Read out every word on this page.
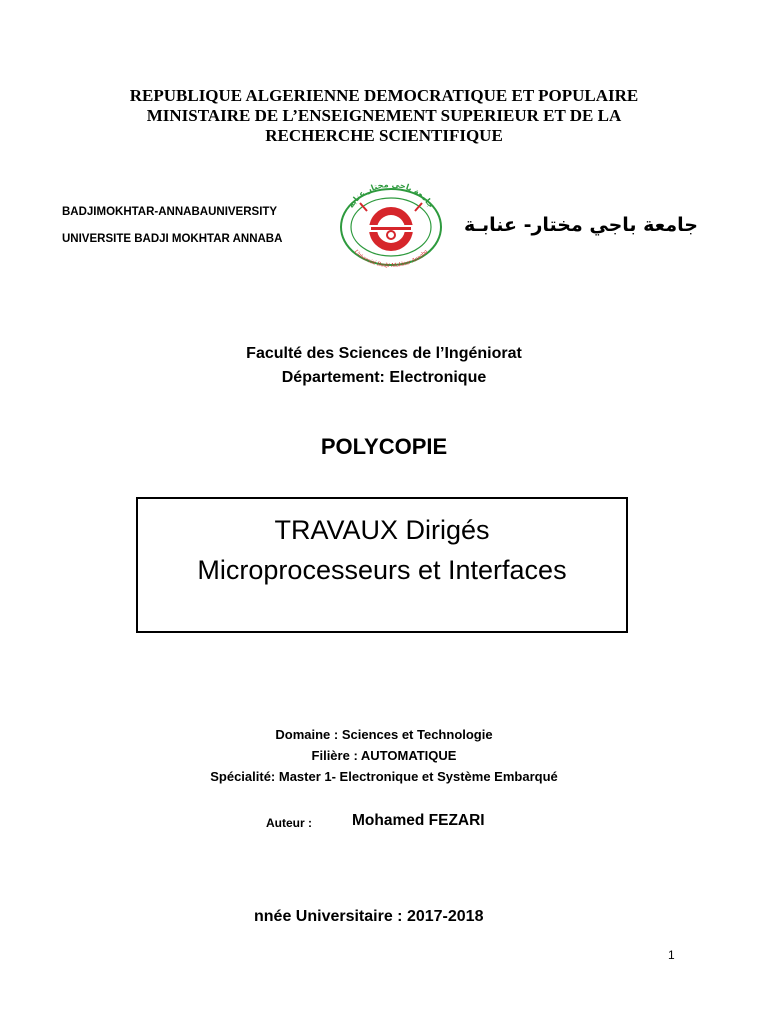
REPUBLIQUE ALGERIENNE DEMOCRATIQUE ET POPULAIRE
MINISTAIRE DE L’ENSEIGNEMENT SUPERIEUR ET DE LA
RECHERCHE SCIENTIFIQUE
BADJIMOKHTAR-ANNABAUNIVERSITY
UNIVERSITE BADJI MOKHTAR ANNABA
جامعة باجي مختار عنابة
Université Badji Mokhtar Annaba
جامعة باجي مختار- عنابـة
Faculté des Sciences de l’Ingéniorat
Département: Electronique
POLYCOPIE
TRAVAUX Dirigés
Microprocesseurs et Interfaces
Domaine : Sciences et Technologie
Filière : AUTOMATIQUE
Spécialité: Master 1- Electronique et Système Embarqué
Auteur :	Mohamed FEZARI
nnée Universitaire : 2017-2018
1
